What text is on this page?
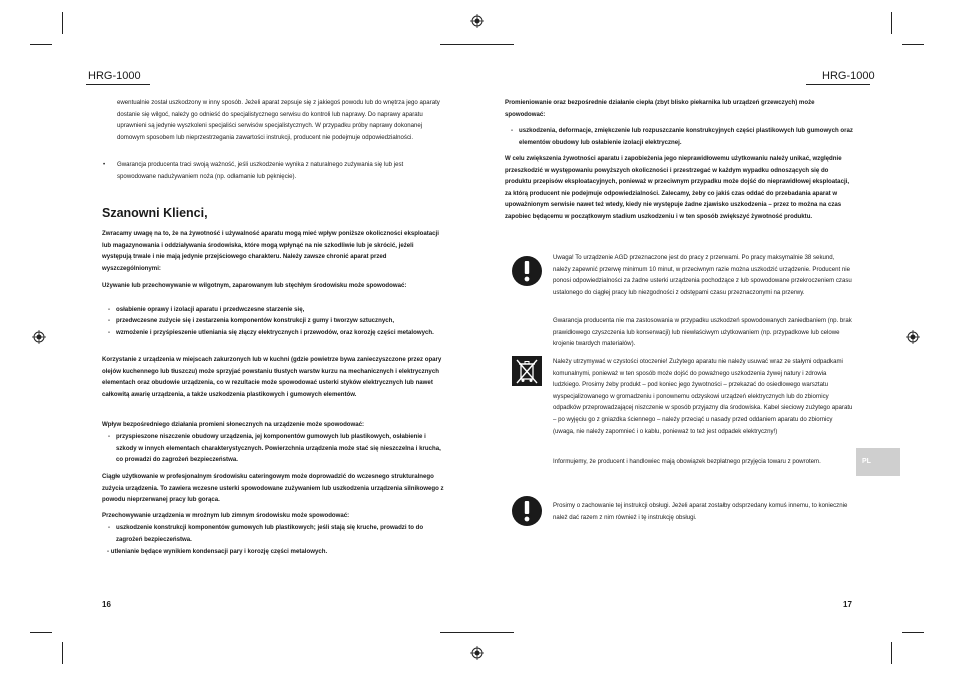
HRG-1000

ewentualnie został uszkodzony w inny sposób. Jeżeli aparat zepsuje się z jakiegoś powodu lub do wnętrza jego aparaty dostanie się wilgoć, należy go odnieść do specjalistycznego serwisu do kontroli lub naprawy. Do naprawy aparatu uprawnieni są jedynie wyszkoleni specjaliści serwisów specjalistycznych. W przypadku próby naprawy dokonanej domowym sposobem lub nieprzestrzegania zawartości instrukcji, producent nie podejmuje odpowiedzialności.

• Gwarancja producenta traci swoją ważność, jeśli uszkodzenie wynika z naturalnego zużywania się lub jest spowodowane nadużywaniem noża (np. odłamanie lub pęknięcie).

Szanowni Klienci,

Zwracamy uwagę na to, że na żywotność i używalność aparatu mogą mieć wpływ poniższe okoliczności eksploatacji lub magazynowania i oddziaływania środowiska, które mogą wpłynąć na nie szkodliwie lub je skrócić, jeżeli występują trwale i nie mają jedynie przejściowego charakteru. Należy zawsze chronić aparat przed wyszczególnionymi:

Używanie lub przechowywanie w wilgotnym, zaparowanym lub stęchłym środowisku może spowodować:

- osłabienie oprawy i izolacji aparatu i przedwczesne starzenie się,

- przedwczesne zużycie się i zestarzenia komponentów konstrukcji z gumy i tworzyw sztucznych,

- wzmożenie i przyśpieszenie utleniania się złączy elektrycznych i przewodów, oraz korozję części metalowych.

Korzystanie z urządzenia w miejscach zakurzonych lub w kuchni (gdzie powietrze bywa zanieczyszczone przez opary olejów kuchennego lub tłuszczu) może sprzyjać powstaniu tłustych warstw kurzu na mechanicznych i elektrycznych elementach oraz obudowie urządzenia, co w rezultacie może spowodować usterki styków elektrycznych lub nawet całkowitą awarię urządzenia, a także uszkodzenia plastikowych i gumowych elementów.

Wpływ bezpośredniego działania promieni słonecznych na urządzenie może spowodować:

- przyspieszone niszczenie obudowy urządzenia, jej komponentów gumowych lub plastikowych, osłabienie i szkody w innych elementach charakterystycznych. Powierzchnia urządzenia może stać się nieszczelna i krucha, co prowadzi do zagrożeń bezpieczeństwa.

Ciągłe użytkowanie w profesjonalnym środowisku cateringowym może doprowadzić do wczesnego strukturalnego zużycia urządzenia. To zawiera wczesne usterki spowodowane zużywaniem lub uszkodzenia urządzenia silnikowego z powodu nieprzerwanej pracy lub gorąca.

Przechowywanie urządzenia w mroźnym lub zimnym środowisku może spowodować:

- uszkodzenie konstrukcji komponentów gumowych lub plastikowych; jeśli stają się kruche, prowadzi to do zagrożeń bezpieczeństwa.

- utlenianie będące wynikiem kondensacji pary i korozję części metalowych.

16
HRG-1000

Promieniowanie oraz bezpośrednie działanie ciepła (zbyt blisko piekarnika lub urządzeń grzewczych) może spowodować:

- uszkodzenia, deformacje, zmiękczenie lub rozpuszczanie konstrukcyjnych części plastikowych lub gumowych oraz elementów obudowy lub osłabienie izolacji elektrycznej.

W celu zwiększenia żywotności aparatu i zapobieżenia jego nieprawidłowemu użytkowaniu należy unikać, względnie przeszkodzić w występowaniu powyższych okoliczności i przestrzegać w każdym wypadku odnoszących się do produktu przepisów eksploatacyjnych, ponieważ w przeciwnym przypadku może dojść do nieprawidłowej eksploatacji, za którą producent nie podejmuje odpowiedzialności. Zalecamy, żeby co jakiś czas oddać do przebadania aparat w upoważnionym serwisie nawet też wtedy, kiedy nie występuje żadne zjawisko uszkodzenia – przez to można na czas zapobiec będącemu w początkowym stadium uszkodzeniu i w ten sposób zwiększyć żywotność produktu.

Uwaga! To urządzenie AGD przeznaczone jest do pracy z przerwami. Po pracy maksymalnie 38 sekund, należy zapewnić przerwę minimum 10 minut, w przeciwnym razie można uszkodzić urządzenie. Producent nie ponosi odpowiedzialności za żadne usterki urządzenia pochodzące z lub spowodowane przekroczeniem czasu ustalonego do ciągłej pracy lub niezgodności z odstępami czasu przeznaczonymi na przerwy.

Gwarancja producenta nie ma zastosowania w przypadku uszkodzeń spowodowanych zaniedbaniem (np. brak prawidłowego czyszczenia lub konserwacji) lub niewłaściwym użytkowaniem (np. przypadkowe lub celowe krojenie twardych materiałów).

Należy utrzymywać w czystości otoczenie! Zużytego aparatu nie należy usuwać wraz ze stałymi odpadkami komunalnymi, ponieważ w ten sposób może dojść do poważnego uszkodzenia żywej natury i zdrowia ludzkiego. Prosimy żeby produkt – pod koniec jego żywotności – przekazać do osiedlowego warsztatu wyspecjalizowanego w gromadzeniu i ponownemu odzyskowi urządzeń elektrycznych lub do zbiornicy odpadków przeprowadzającej niszczenie w sposób przyjazny dla środowiska. Kabel sieciowy zużytego aparatu – po wyjęciu go z gniazdka ściennego – należy przeciąć u nasady przed oddaniem aparatu do zbiornicy (uwaga, nie należy zapomnieć i o kablu, ponieważ to też jest odpadek elektryczny!)

Informujemy, że producent i handlowiec mają obowiązek bezpłatnego przyjęcia towaru z powrotem.

Prosimy o zachowanie tej instrukcji obsługi. Jeżeli aparat zostałby odsprzedany komuś innemu, to koniecznie należ dać razem z nim również i tę instrukcję obsługi.

PL
17
